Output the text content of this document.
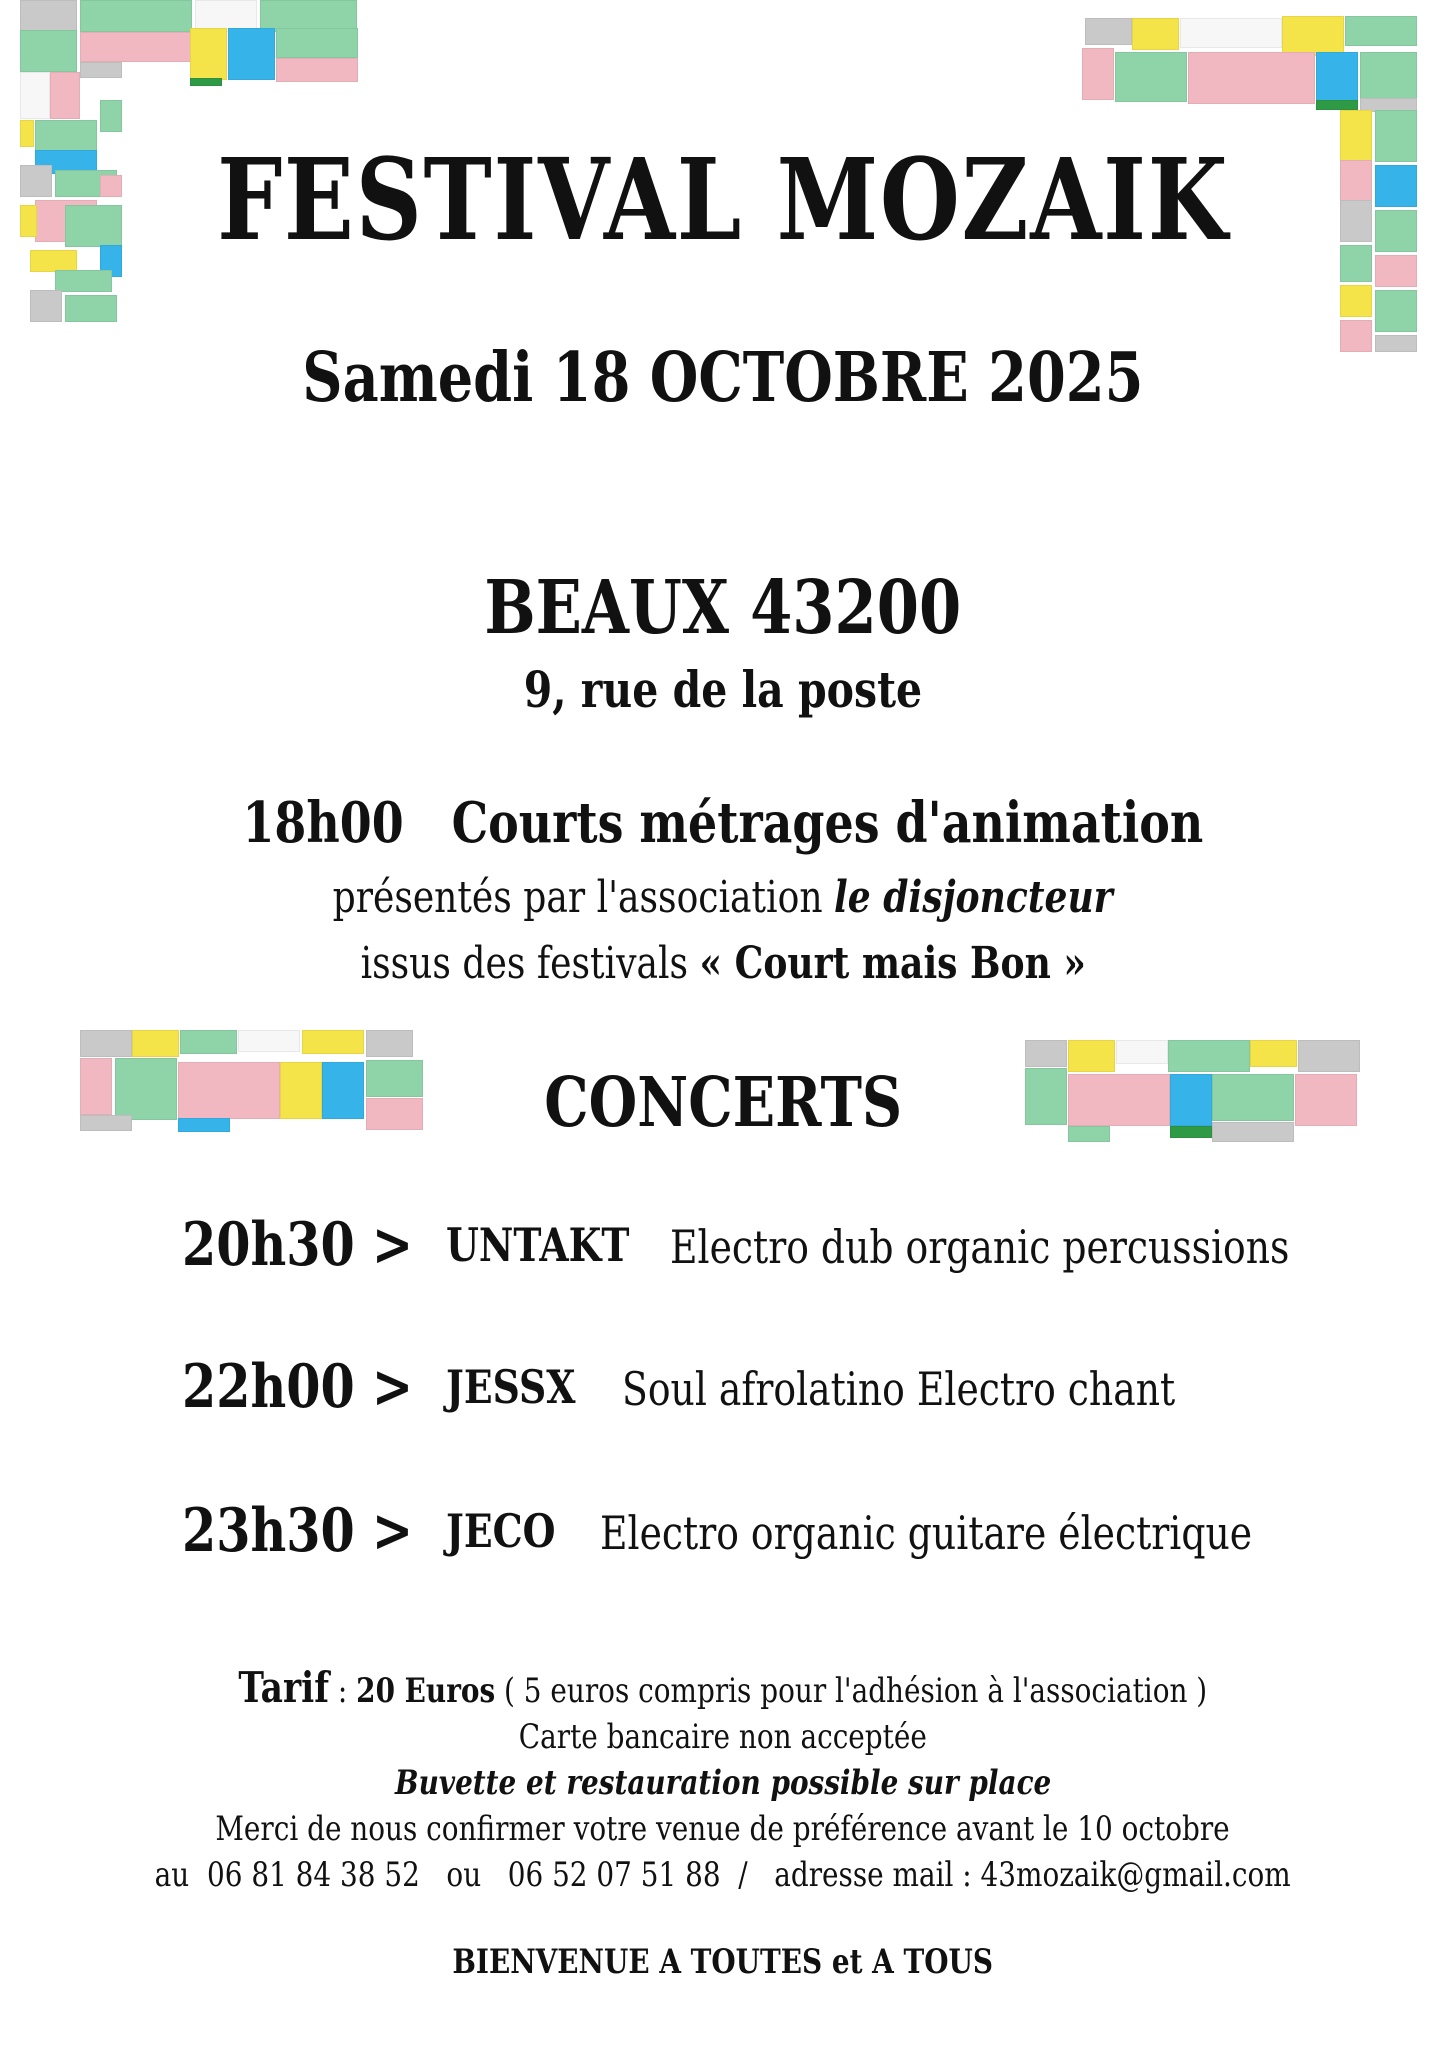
FESTIVAL MOZAIK
Samedi 18 OCTOBRE 2025
BEAUX 43200
9, rue de la poste
18h00 Courts métrages d'animation
présentés par l'association le disjoncteur
issus des festivals « Court mais Bon »
CONCERTS
20h30 > UNTAKT Electro dub organic percussions
22h00 > JESSX Soul afrolatino Electro chant
23h30 > JECO Electro organic guitare électrique
Tarif : 20 Euros ( 5 euros compris pour l'adhésion à l'association )
Carte bancaire non acceptée
Buvette et restauration possible sur place
Merci de nous confirmer votre venue de préférence avant le 10 octobre
au  06 81 84 38 52   ou   06 52 07 51 88  /   adresse mail : 43mozaik@gmail.com
BIENVENUE A TOUTES et A TOUS
